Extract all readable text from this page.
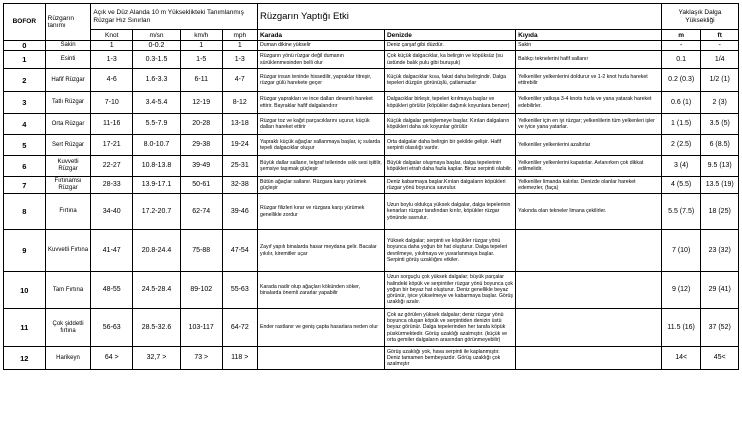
BOFOR	Rüzgarın tanımı	Açık ve Düz Alanda 10 m Yükseklikteki Tanımlanmış Rüzgar Hız Sınırları				Rüzgarın Yaptığı Etki			Yaklaşık Dalga Yüksekliği	
		Knot	m/sn	km/h	mph	Karada	Denizde	Kıyıda	m	ft
0	Sakin	1	0-0.2	1	1	Duman dikine yükselir	Deniz çarşaf gibi düzdür.	Sakin	-	-
1	Esinti	1-3	0.3-1.5	1-5	1-3	Rüzgarın yönü rüzgar değil dumanın sürüklenmesinden belli olur	Çok küçük dalgacıklar, ka belirgin ve köpüksüz (su üstünde balık pulu gibi buruşuk)	Balıkçı teknelerini hafif sallanır	0.1	1/4
2	Hafif Rüzgar	4-6	1.6-3.3	6-11	4-7	Rüzgar insan teninde hissedilir, yapraklar titreşir, rüzgar gülü harekete geçer	Küçük dalgacıklar kısa, fakat daha belirgindir. Dalga tepeleri düzgün görünüşlü, çatlamazlar	Yelkenliler yelkenlerini doldurur ve 1-2 knot hızla hareket ettirebilir	0.2 (0.3)	1/2 (1)
3	Tatlı Rüzgar	7-10	3.4-5.4	12-19	8-12	Rüzgar yaprakları ve ince dalları devamlı hareket ettirir. Bayraklar hafif dalgalandırır	Dalgacıklar birleşir, tepeleri kırılmaya başlar ve köpükleri görülür (köpükler dağınık koyunlara benzer)	Yelkenliler yatkışa 3-4 knots hızla ve yana yatarak hareket edebilirler.	0.6 (1)	2 (3)
4	Orta Rüzgar	11-16	5.5-7.9	20-28	13-18	Rüzgar toz ve kağıt parçacıklarını uçurur, küçük dalları hareket ettirir	Küçük dalgalar genişlemeye başlar. Kırılan dalgaların köpükleri daha sık koyunlar görülür	Yelkenliler için en iyi rüzgar; yelkenlilerin tüm yelkenleri işler ve iyice yana yatarlar.	1 (1.5)	3.5 (5)
5	Sert Rüzgar	17-21	8.0-10.7	29-38	19-24	Yapraklı küçük ağaçlar sallanmaya başlar, iç sularda tepeli dalgacıklar oluşur	Orta dalgalar daha belirgin bir şekilde gelişir. Hafif serpinti olasılığı vardır.	Yelkenliler yelkenlerini azaltırlar	2 (2.5)	6 (8.5)
6	Kuvvetli Rüzgar	22-27	10.8-13.8	39-49	25-31	Büyük dallar sallanır, telgraf tellerinde ıslık sesi işitilir, şemsiye taşımak güçleşir	Büyük dalgalar oluşmaya başlar, dalga tepelerinin köpükleri etrafı daha fazla kaplar. Biraz serpinti olabilir.	Yelkenliler yelkenlerini kapatırlar. Avlanırken çok dikkat edilmelidir.	3 (4)	9.5 (13)
7	Fırtınamsı Rüzgar	28-33	13.9-17.1	50-61	32-38	Bütün ağaçlar sallanır. Rüzgara karşı yürümek güçleşir	Deniz kabarmaya başlar.Kırılan dalgaların köpükleri rüzgar yönü boyunca savrulur.	Yelkenliler limanda kalırlar. Denizde olanlar hareket edemezler, (faça)	4 (5.5)	13.5 (19)
8	Fırtına	34-40	17.2-20.7	62-74	39-46	Rüzgar filizleri kırar ve rüzgara karşı yürümek genellikle zordur	Uzun boylu oldukça yüksek dalgalar, dalga tepelerinin kenarları rüzgar tarafından kırılır, köpükler rüzgar yönünde savrulur.	Yakında olan tekneler limana çekilirler.	5.5 (7.5)	18 (25)
9	Kuvvetli Fırtına	41-47	20.8-24.4	75-88	47-54	Zayıf yapılı binalarda hasar meydana gelir. Bacalar yıkılır, kiremitler uçar	Yüksek dalgalar; serpinti ve köpükler rüzgar yönü boyunca daha yoğun bir hat oluşturur. Dalga tepeleri devrilmeye, yıkılmaya ve yuvarlanmaya başlar. Serpinti görüş uzaklığını etkiler.		7 (10)	23 (32)
10	Tam Fırtına	48-55	24.5-28.4	89-102	55-63	Karada nadir olup ağaçları kökünden söker, binalarda önemli zararlar yapabilir	Uzun sorguçlu çok yüksek dalgalar; büyük parçalar halindeki köpük ve serpintiler rüzgar yönü boyunca çok yoğun bir beyaz hat oluşturur. Deniz genellikle beyaz görünür, iyice yükselmeye ve kabarmaya başlar. Görüş uzaklığı azalır.		9 (12)	29 (41)
11	Çok şiddetli fırtına	56-63	28.5-32.6	103-117	64-72	Ender rastlanır ve geniş çapta hasarlara neden olur	Çok az görülen yüksek dalgalar; deniz rüzgar yönü boyunca oluşan köpük ve serpintiden denizin üstü beyaz görünür. Dalga tepelerinden her tarafa köpük püskürmektedir. Görüş uzaklığı azalmıştır. (küçük ve orta gemiler dalgaların arasından görünmeyebilir)		11.5 (16)	37 (52)
12	Harikeyn	64 >	32,7 >	73 >	118 >		Görüş uzaklığı yok, hava serpinti ile kaplanmıştır. Deniz tamamen bembeyazdır. Görüş uzaklığı çok azalmıştır		14<	45<
